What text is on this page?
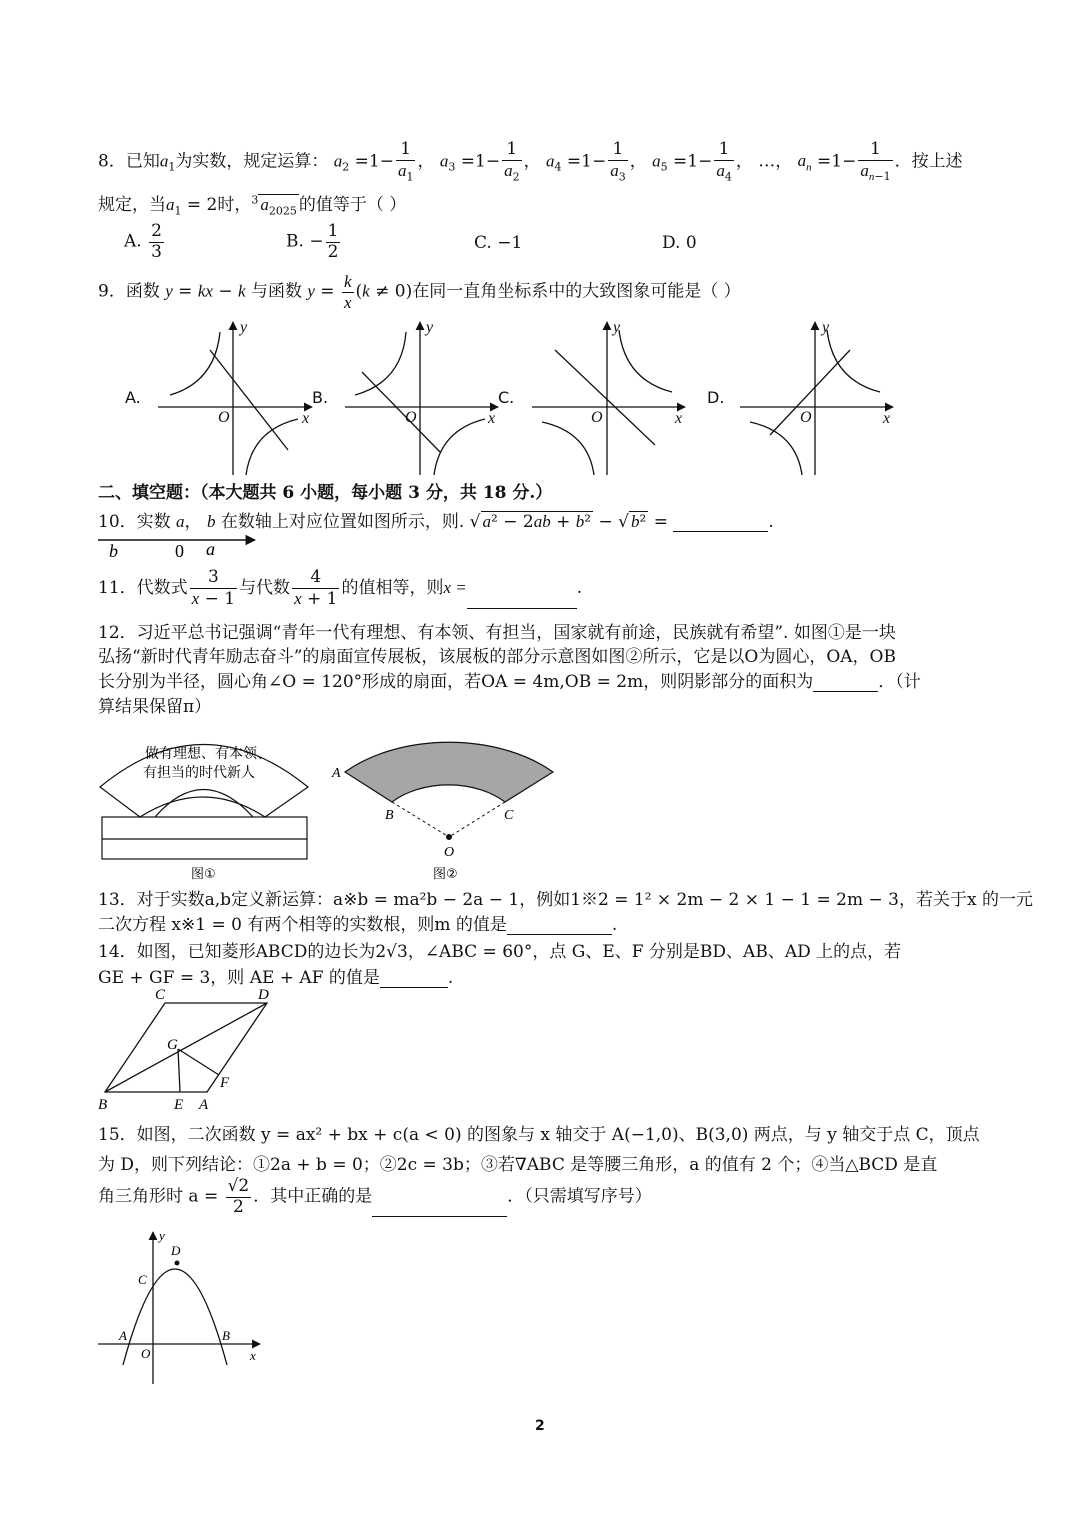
8．已知$a_1$为实数，规定运算： $a_2 =1- \frac{1}{a_1}$ ， $a_3 =1- \frac{1}{a_2}$ ， $a_4 =1- \frac{1}{a_3}$ ， $a_5 =1- \frac{1}{a_4}$ ， …， $a_n =1- \frac{1}{a_{n-1}}$ ．按上述
规定，当$a_1 = 2$时，$^3$ $a_{2025}$ 的值等于（ ）
A. $\frac{2}{3}$	B. − $\frac{1}{2}$	C. −1	D. 0
9．函数 y = kx − k 与函数 $y = \frac{k}{x} (k \ne 0)$在同一直角坐标系中的大致图象可能是（ ）
A.	B.	C.	D.
O	x
y
O	x
y
O	x
y
O	x
y
二、填空题：（本大题共 6 小题，每小题 3 分，共 18 分.）
10．实数 a， b 在数轴上对应位置如图所示，则. √ a² − 2ab + b² − √ b² =	.
b	0 a
11．代数式 $\frac{3}{x - 1}$ 与代数 $\frac{4}{x + 1}$ 的值相等，则x =	.
12．习近平总书记强调“青年一代有理想、有本领、有担当，国家就有前途，民族就有希望”. 如图①是一块
弘扬“新时代青年励志奋斗”的扇面宣传展板，该展板的部分示意图如图②所示，它是以O为圆心，OA，OB
长分别为半径，圆心角∠O = 120°形成的扇面，若OA = 4m,OB = 2m，则阴影部分的面积为	．（计
算结果保留π）
做有理想、有本领、
有担当的时代新人
图①
A
B	C
O
图②
13．对于实数a,b定义新运算：a※b = ma²b − 2a − 1，例如1※2 = 1² × 2m − 2 × 1 − 1 = 2m − 3，若关于x 的一元
二次方程 x※1 = 0 有两个相等的实数根，则m 的值是	.
14．如图，已知菱形ABCD的边长为2√3，∠ABC = 60°，点 G、E、F 分别是BD、AB、AD 上的点，若
GE + GF = 3，则 AE + AF 的值是	.
C	D
G
F
B	E A
15．如图，二次函数 y = ax² + bx + c(a < 0) 的图象与 x 轴交于 A(−1,0)、B(3,0) 两点，与 y 轴交于点 C，顶点
为 D，则下列结论：①2a + b = 0；②2c = 3b；③若∇ABC 是等腰三角形，a 的值有 2 个；④当△BCD 是直
角三角形时 $a = \frac{√2}{2}$ ．其中正确的是	．（只需填写序号）
y
x
D
C
A	B
O
2
